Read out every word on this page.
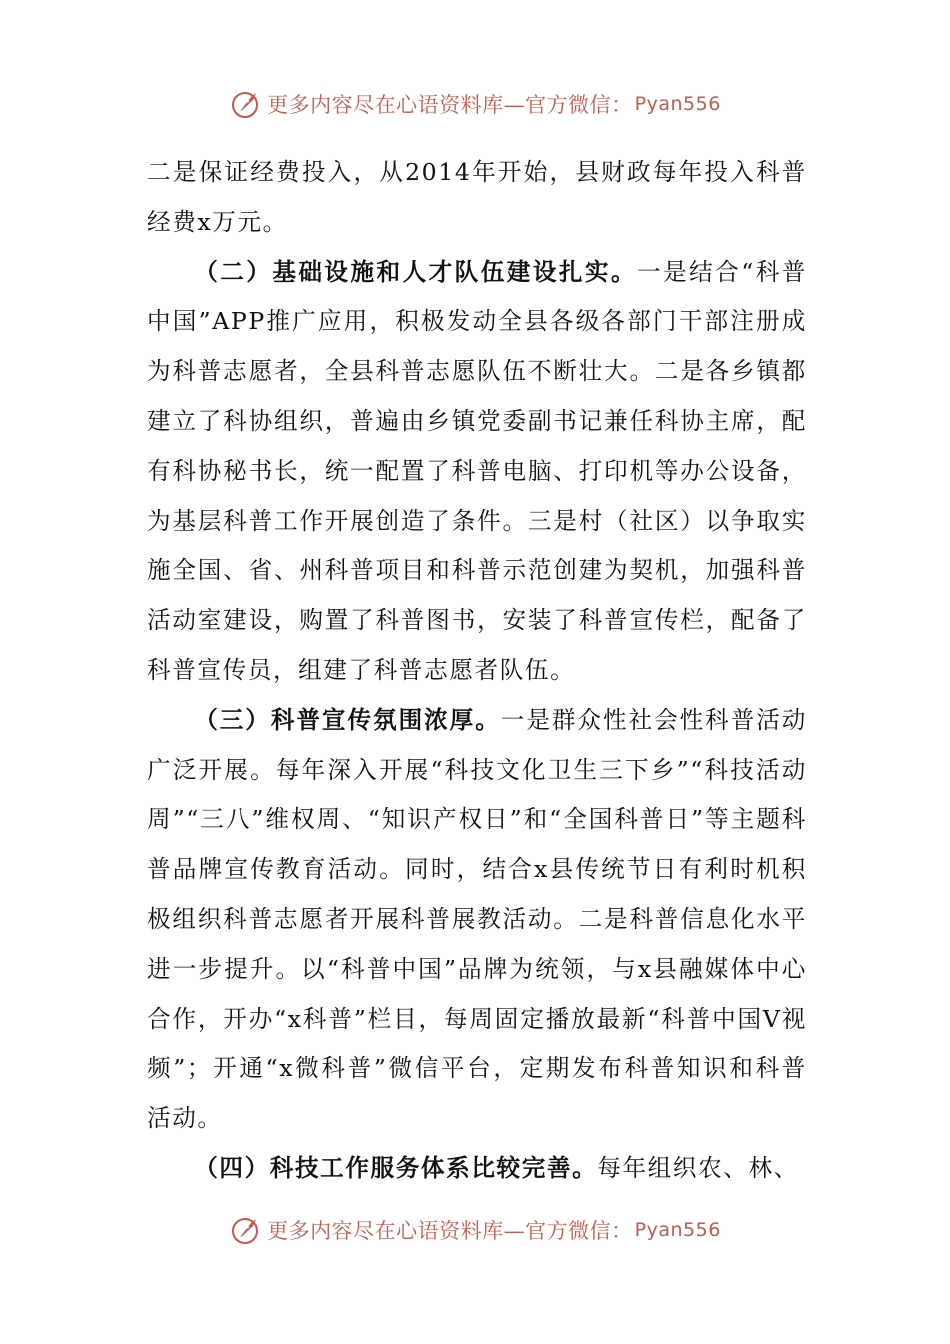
更多内容尽在心语资料库—官方微信： Pyan556

二是保证经费投入，从2014年开始，县财政每年投入科普经费x万元。

（二）基础设施和人才队伍建设扎实。一是结合“科普中国”APP推广应用，积极发动全县各级各部门干部注册成为科普志愿者，全县科普志愿队伍不断壮大。二是各乡镇都建立了科协组织，普遍由乡镇党委副书记兼任科协主席，配有科协秘书长，统一配置了科普电脑、打印机等办公设备，为基层科普工作开展创造了条件。三是村（社区）以争取实施全国、省、州科普项目和科普示范创建为契机，加强科普活动室建设，购置了科普图书，安装了科普宣传栏，配备了科普宣传员，组建了科普志愿者队伍。

（三）科普宣传氛围浓厚。一是群众性社会性科普活动广泛开展。每年深入开展“科技文化卫生三下乡”“科技活动周”“三八”维权周、“知识产权日”和“全国科普日”等主题科普品牌宣传教育活动。同时，结合x县传统节日有利时机积极组织科普志愿者开展科普展教活动。二是科普信息化水平进一步提升。以“科普中国”品牌为统领，与x县融媒体中心合作，开办“x科普”栏目，每周固定播放最新“科普中国V视频”；开通“x微科普”微信平台，定期发布科普知识和科普活动。

（四）科技工作服务体系比较完善。每年组织农、林、

更多内容尽在心语资料库—官方微信： Pyan556
